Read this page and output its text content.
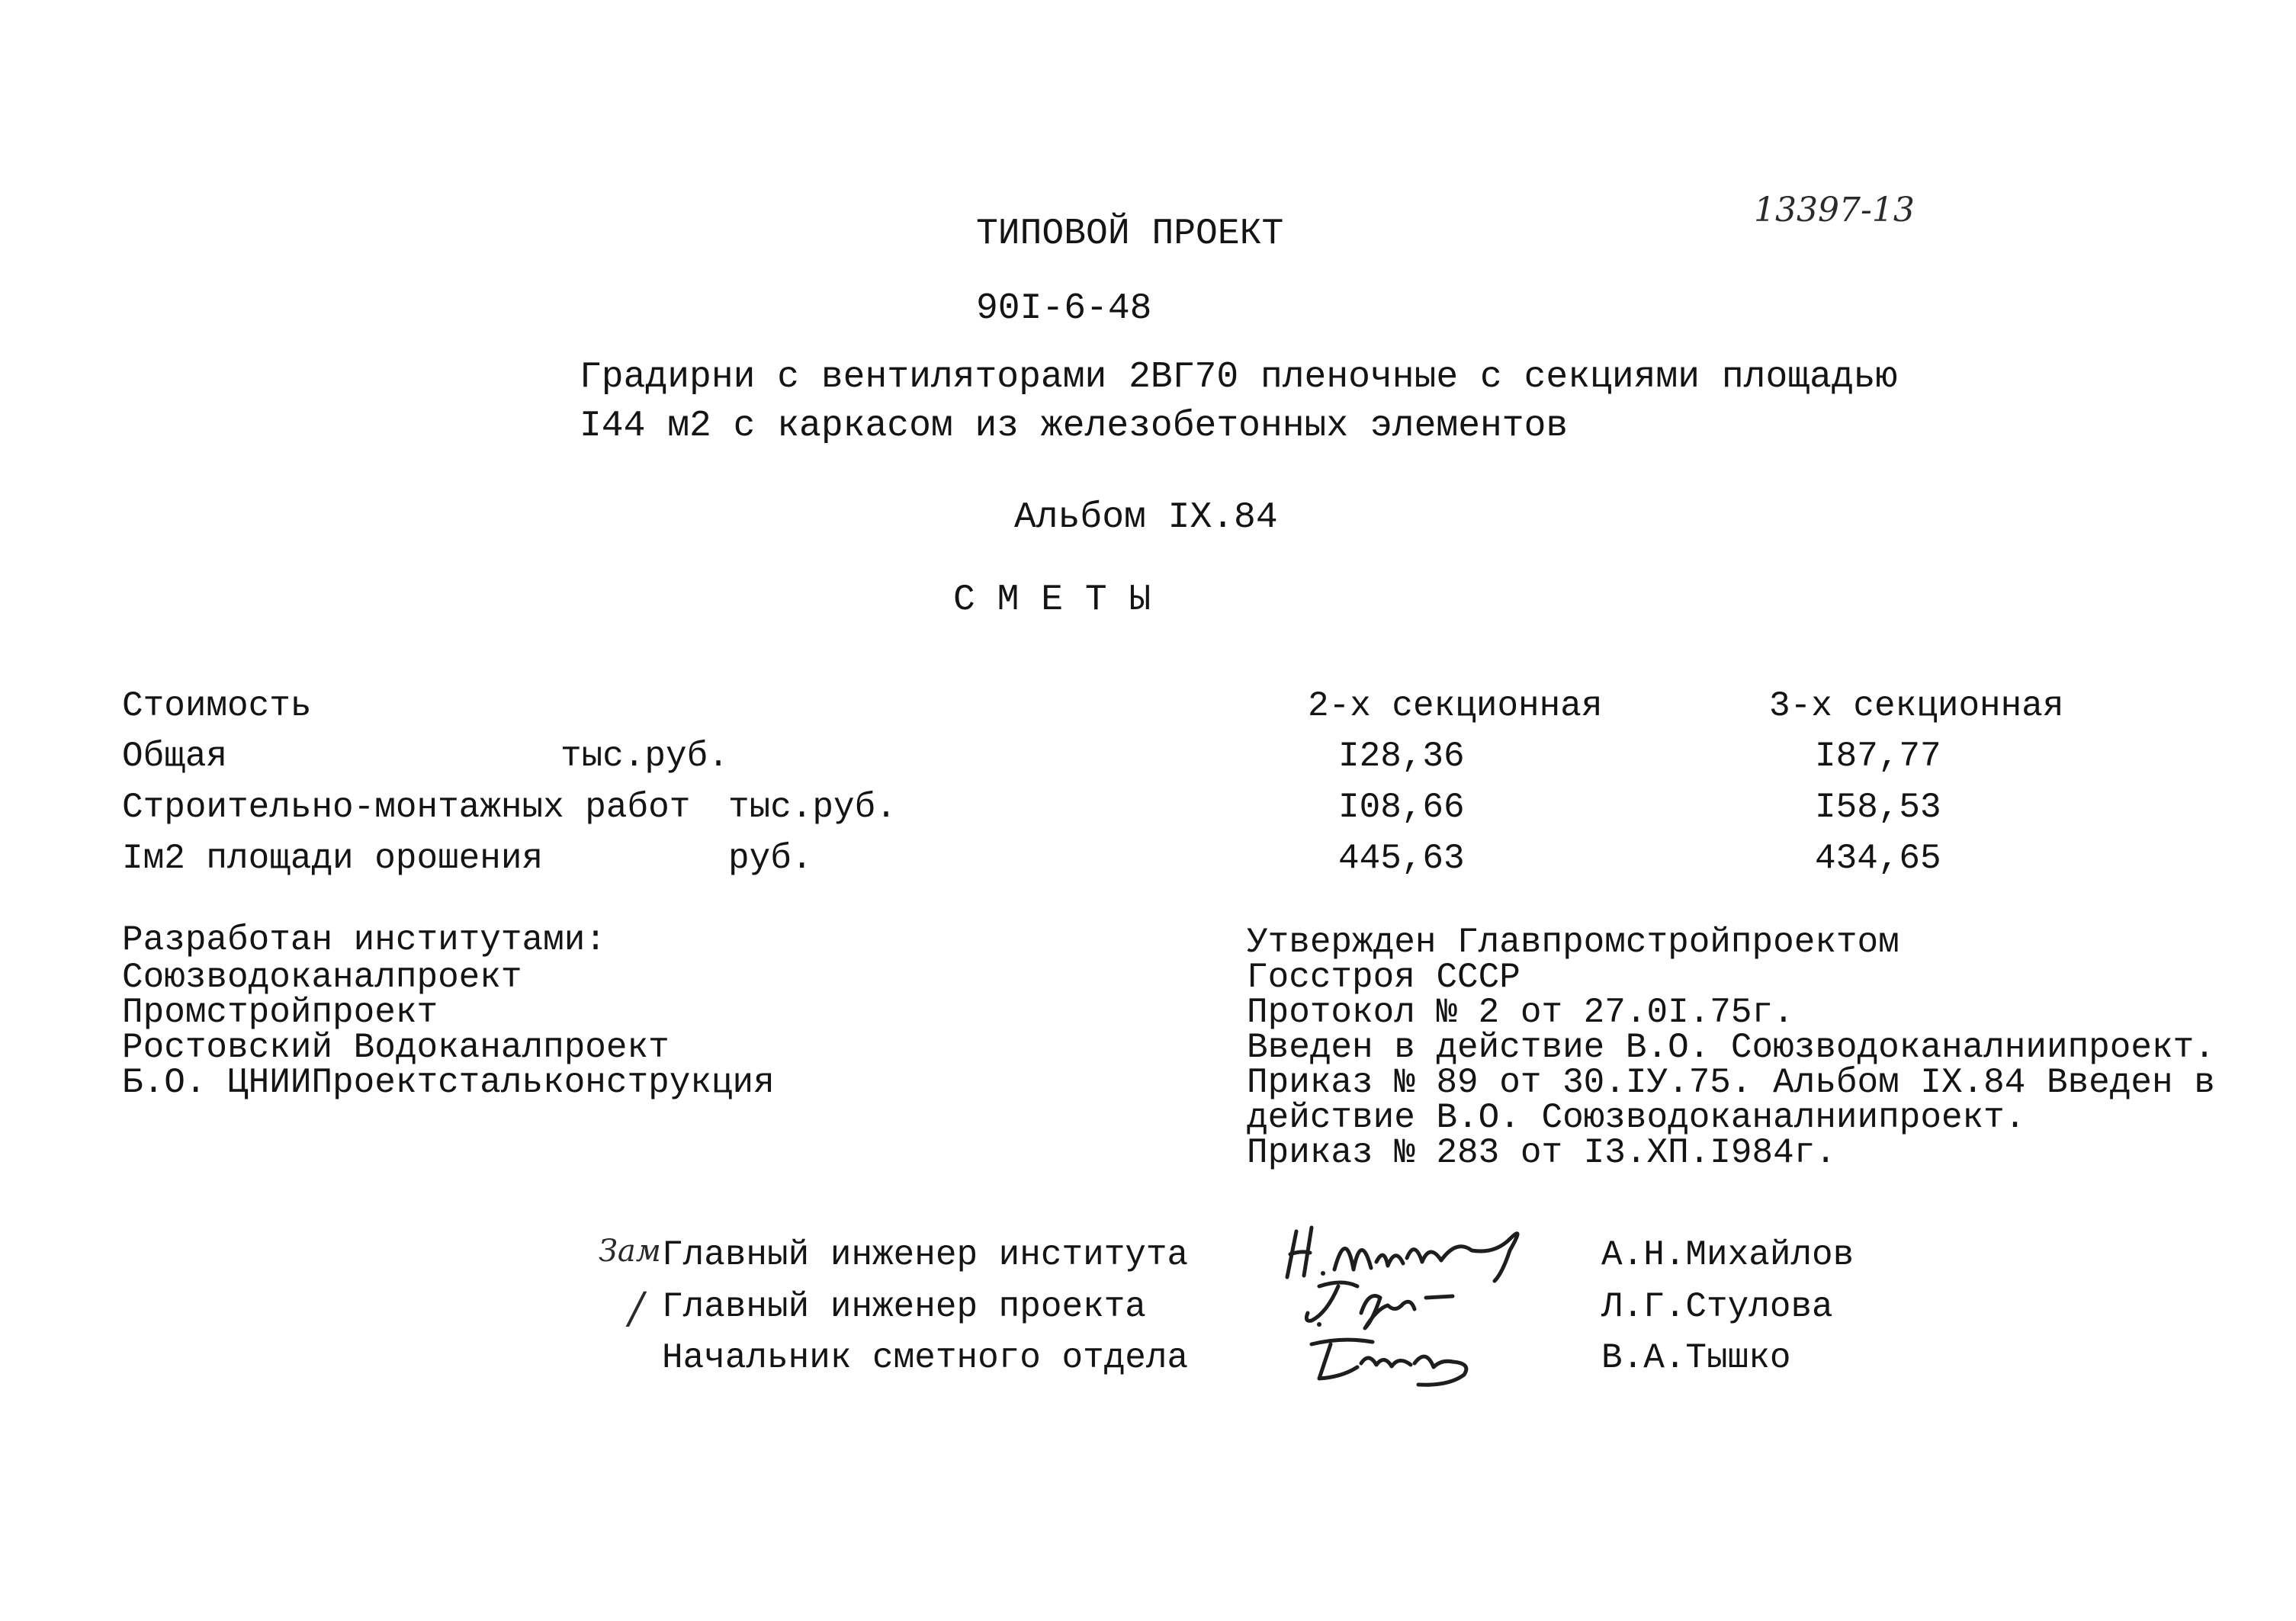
13397-13
ТИПОВОЙ ПРОЕКТ
90I-6-48
Градирни с вентиляторами 2ВГ70 пленочные с секциями площадью
I44 м2 с каркасом из железобетонных элементов
Альбом IX.84
С М Е Т Ы
Стоимость	2-х секционная	3-х секционная
Общая	тыс.руб.	I28,36	I87,77
Строительно-монтажных работ тыс.руб.	I08,66	I58,53
Iм2 площади орошения	руб.	445,63	434,65
Разработан институтами:
Союзводоканалпроект
Промстройпроект
Ростовский Водоканалпроект
Б.О. ЦНИИПроектстальконструкция
Утвержден Главпромстройпроектом
Госстроя СССР
Протокол № 2 от 27.0I.75г.
Введен в действие В.О. Союзводоканалниипроект.
Приказ № 89 от 30.IУ.75. Альбом IX.84 Введен в
действие В.О. Союзводоканалниипроект.
Приказ № 283 от I3.XП.I984г.
Зам Главный инженер института	А.Н.Михайлов
/ Главный инженер проекта	Л.Г.Стулова
Начальник сметного отдела	В.А.Тышко
